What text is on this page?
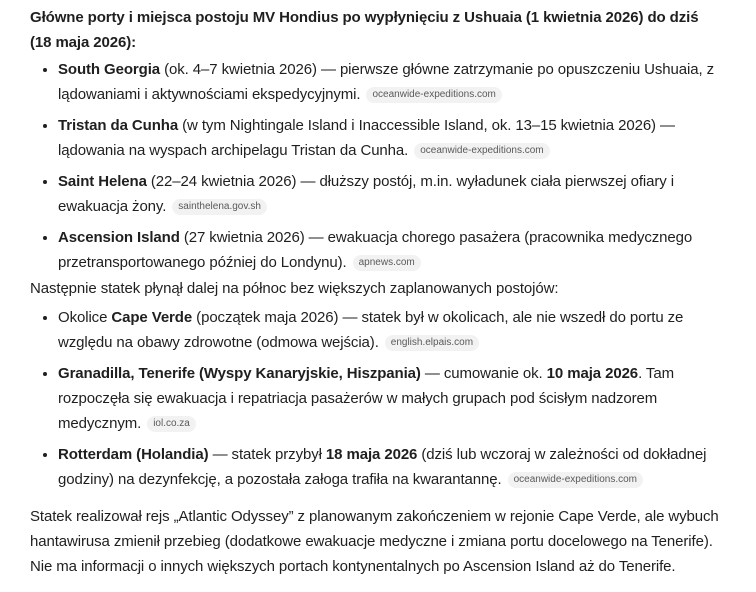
Główne porty i miejsca postoju MV Hondius po wypłynięciu z Ushuaia (1 kwietnia 2026) do dziś (18 maja 2026):

• South Georgia (ok. 4–7 kwietnia 2026) — pierwsze główne zatrzymanie po opuszczeniu Ushuaia, z lądowaniami i aktywnościami ekspedycyjnymi. oceanwide-expeditions.com
• Tristan da Cunha (w tym Nightingale Island i Inaccessible Island, ok. 13–15 kwietnia 2026) — lądowania na wyspach archipelagu Tristan da Cunha. oceanwide-expeditions.com
• Saint Helena (22–24 kwietnia 2026) — dłuższy postój, m.in. wyładunek ciała pierwszej ofiary i ewakuacja żony. sainthelena.gov.sh
• Ascension Island (27 kwietnia 2026) — ewakuacja chorego pasażera (pracownika medycznego przetransportowanego później do Londynu). apnews.com

Następnie statek płynął dalej na północ bez większych zaplanowanych postojów:

• Okolice Cape Verde (początek maja 2026) — statek był w okolicach, ale nie wszedł do portu ze względu na obawy zdrowotne (odmowa wejścia). english.elpais.com
• Granadilla, Tenerife (Wyspy Kanaryjskie, Hiszpania) — cumowanie ok. 10 maja 2026. Tam rozpoczęła się ewakuacja i repatriacja pasażerów w małych grupach pod ścisłym nadzorem medycznym. iol.co.za
• Rotterdam (Holandia) — statek przybył 18 maja 2026 (dziś lub wczoraj w zależności od dokładnej godziny) na dezynfekcję, a pozostała załoga trafiła na kwarantannę. oceanwide-expeditions.com

Statek realizował rejs „Atlantic Odyssey” z planowanym zakończeniem w rejonie Cape Verde, ale wybuch hantawirusa zmienił przebieg (dodatkowe ewakuacje medyczne i zmiana portu docelowego na Tenerife). Nie ma informacji o innych większych portach kontynentalnych po Ascension Island aż do Tenerife.
